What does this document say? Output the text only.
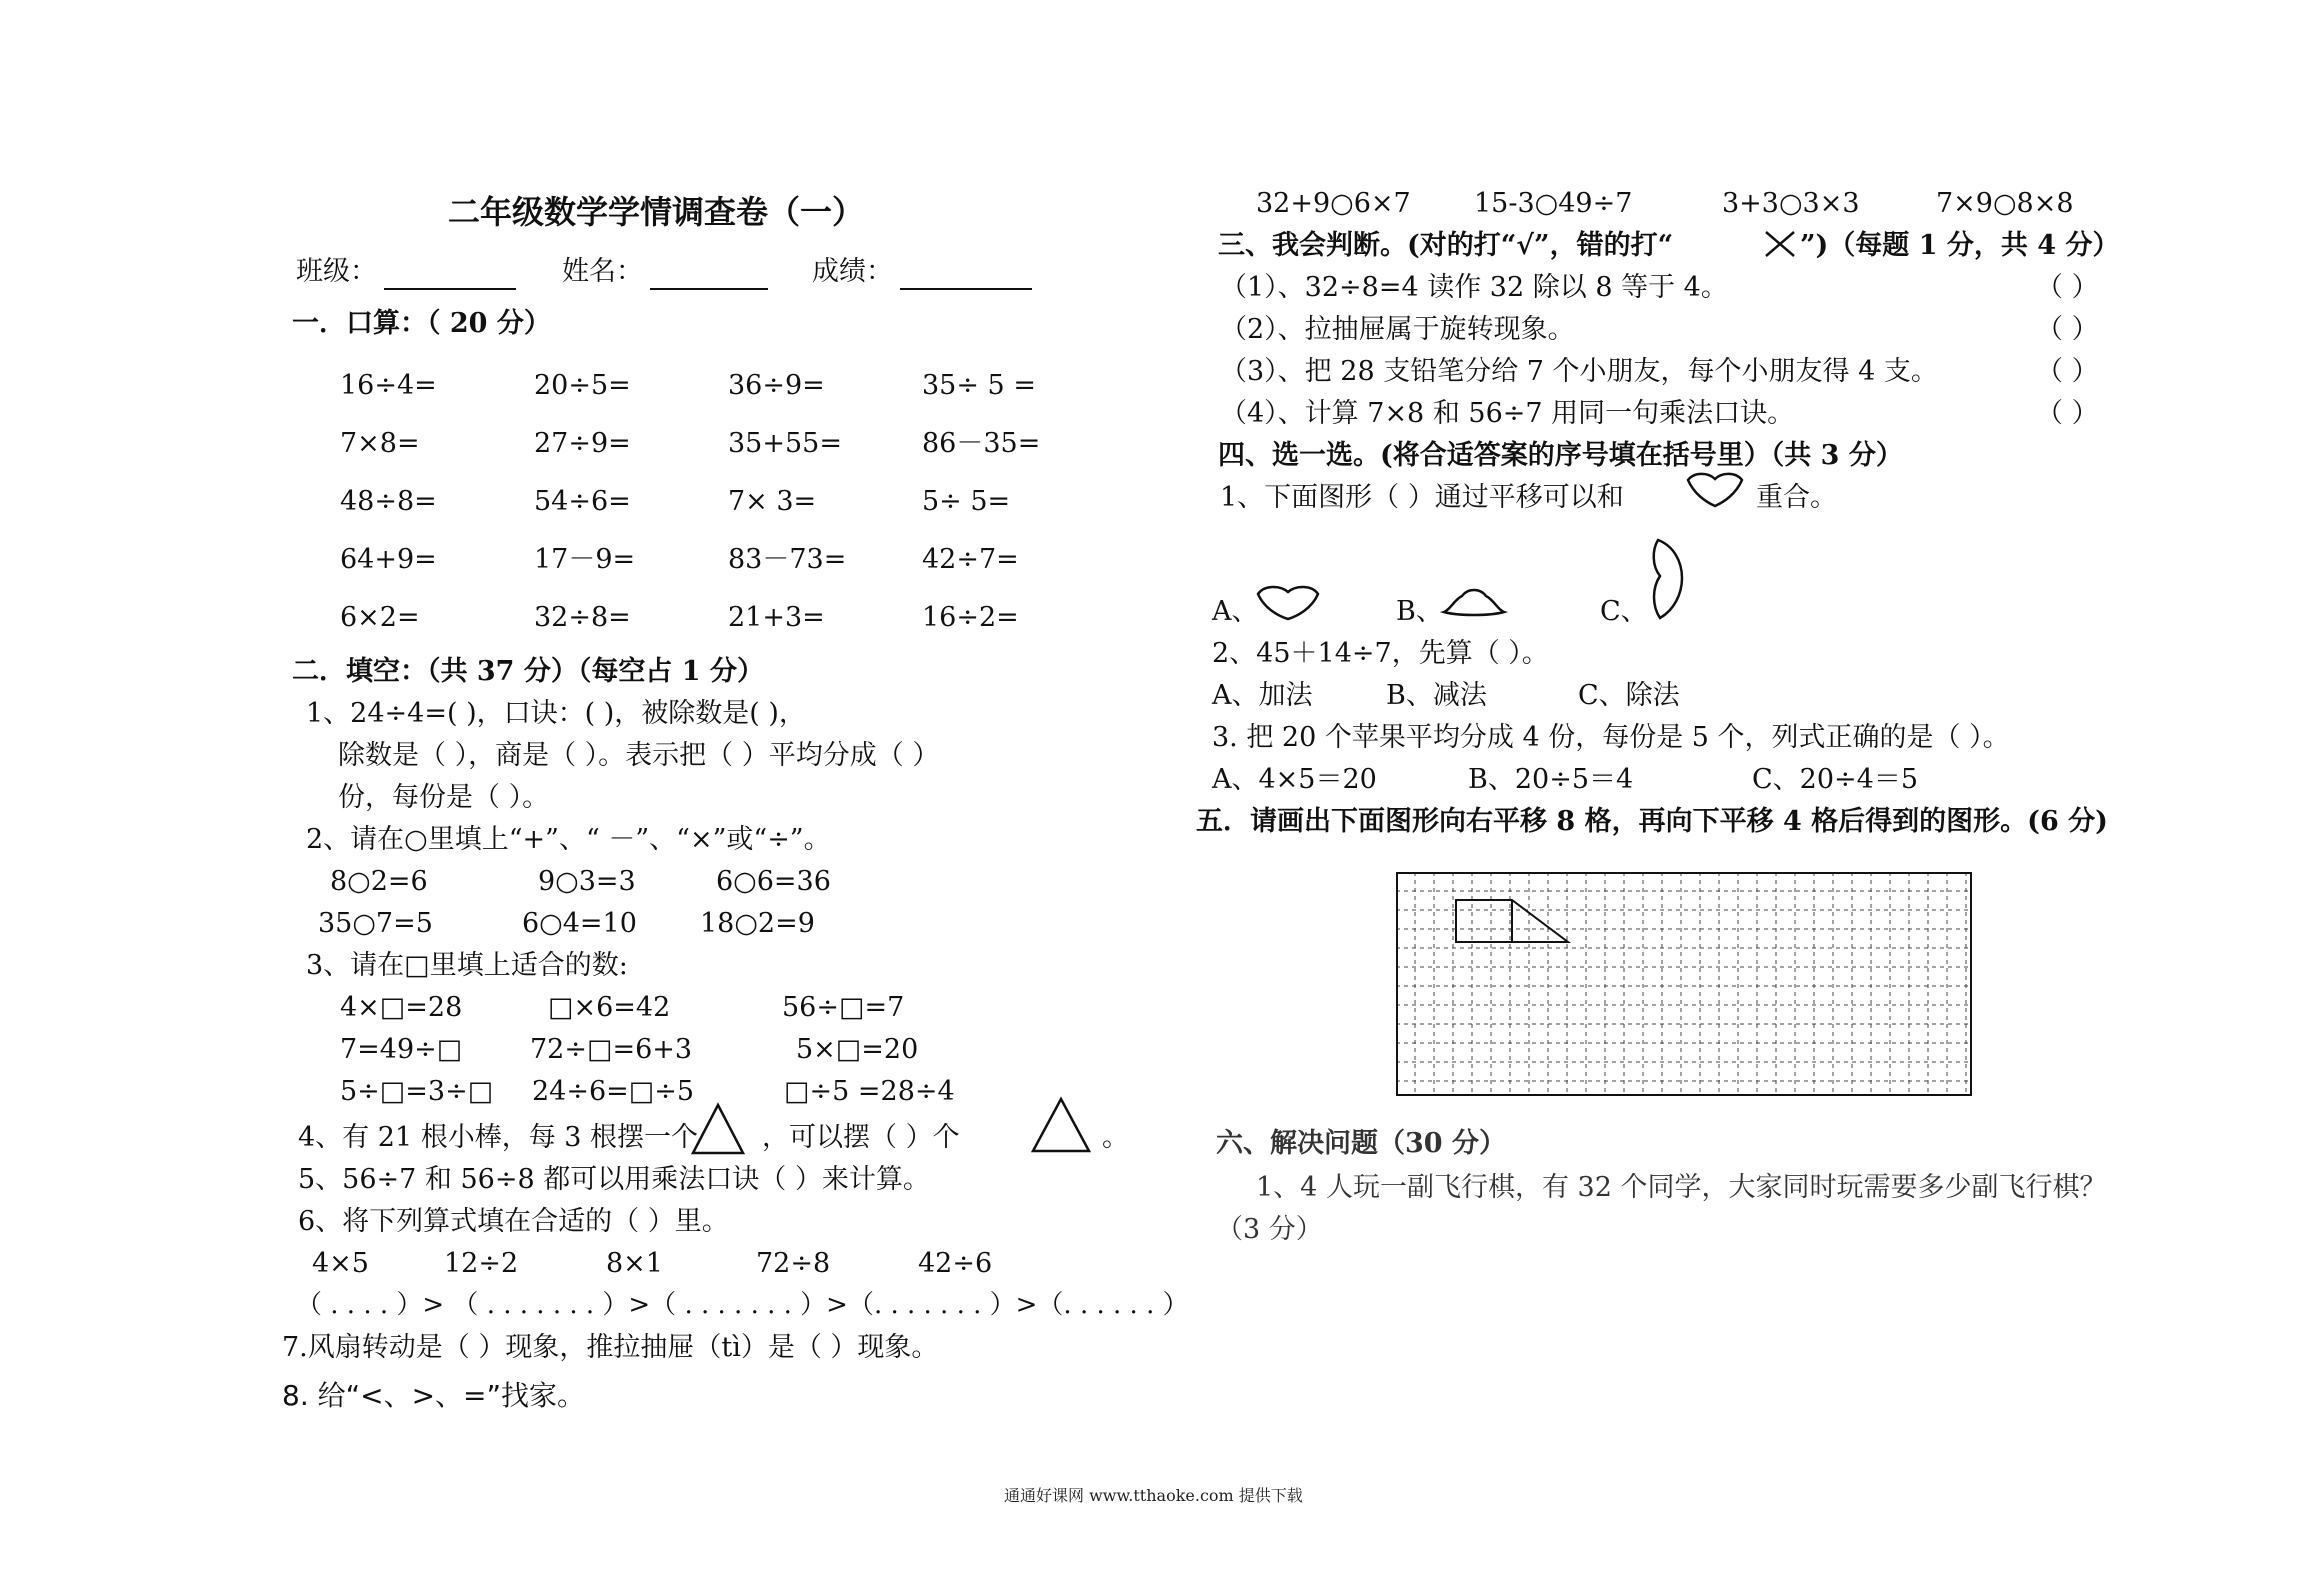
二年级数学学情调查卷（一）
班级：	姓名：	成绩：
一．口算：（ 20 分）
16÷4=	20÷5=	36÷9=	35÷ 5 =
7×8=	27÷9=	35+55=	86－35=
48÷8=	54÷6=	7× 3=	5÷ 5=
64+9=	17－9=	83－73=	42÷7=
6×2=	32÷8=	21+3=	16÷2=
二．填空：（共 37 分）（每空占 1 分）
1、24÷4=( )，口诀：( )，被除数是( )，
除数是（ ），商是（ ）。表示把（ ）平均分成（ ）
份，每份是（ ）。
2、请在○里填上“+”、“ －”、“×”或“÷”。
8○2=6	9○3=3	6○6=36
35○7=5	6○4=10 18○2=9
3、请在□里填上适合的数:
4×□=28	□×6=42	56÷□=7
7=49÷□	72÷□=6+3	5×□=20
5÷□=3÷□ 24÷6=□÷5	□÷5 =28÷4
4、有 21 根小棒，每 3 根摆一个 ，可以摆（ ）个	。
5、56÷7 和 56÷8 都可以用乘法口诀（ ）来计算。
6、将下列算式填在合适的（ ）里。
4×5	12÷2	8×1	72÷8	42÷6
（ . . . . ）> （ . . . . . . . ）>（ . . . . . . . ）>（. . . . . . . ）>（. . . . . . ）
7.风扇转动是（ ）现象，推拉抽屉（tì）是（ ）现象。
8. 给“<、>、=”找家。
32+9○6×7 15-3○49÷7	3+3○3×3	7×9○8×8
三、我会判断。(对的打“√”，错的打“	”)（每题 1 分，共 4 分）
（1）、32÷8=4 读作 32 除以 8 等于 4。	（ ）
（2）、拉抽屉属于旋转现象。	（ ）
（3）、把 28 支铅笔分给 7 个小朋友，每个小朋友得 4 支。	（ ）
（4）、计算 7×8 和 56÷7 用同一句乘法口诀。	（ ）
四、选一选。(将合适答案的序号填在括号里）（共 3 分）
1、下面图形（ ）通过平移可以和	重合。
A、	B、	C、
2、45＋14÷7，先算（ ）。
A、加法	B、减法	C、除法
3. 把 20 个苹果平均分成 4 份，每份是 5 个，列式正确的是（ ）。
A、4×5＝20	B、20÷5＝4	C、20÷4＝5
五．请画出下面图形向右平移 8 格，再向下平移 4 格后得到的图形。(6 分)
六、解决问题（30 分）
1、4 人玩一副飞行棋，有 32 个同学，大家同时玩需要多少副飞行棋？
（3 分）
通通好课网 www.tthaoke.com 提供下载
